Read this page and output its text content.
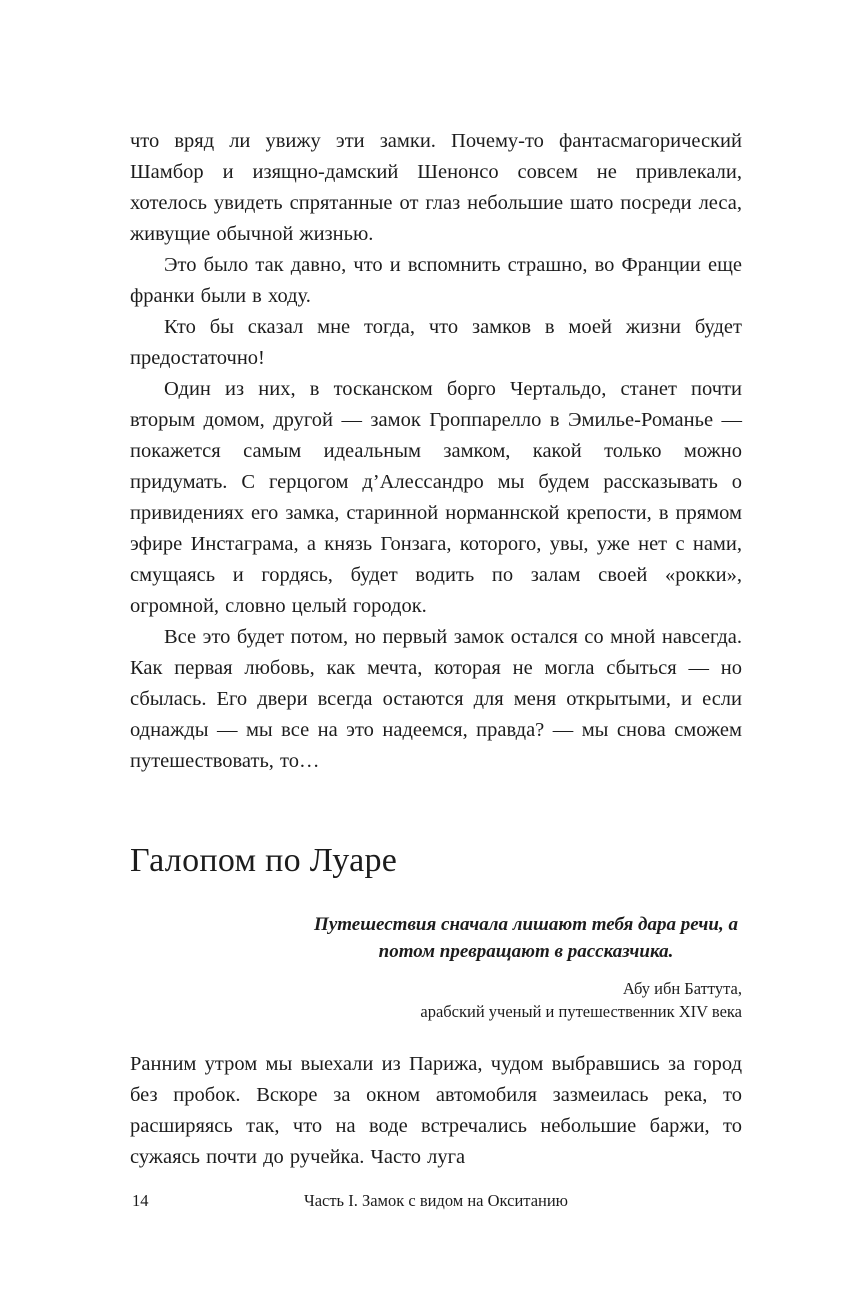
что вряд ли увижу эти замки. Почему-то фантасмагорический Шамбор и изящно-дамский Шенонсо совсем не привлекали, хотелось увидеть спрятанные от глаз небольшие шато посреди леса, живущие обычной жизнью.

Это было так давно, что и вспомнить страшно, во Франции еще франки были в ходу.

Кто бы сказал мне тогда, что замков в моей жизни будет предостаточно!

Один из них, в тосканском борго Чертальдо, станет почти вторым домом, другой — замок Гроппарелло в Эмилье-Романье — покажется самым идеальным замком, какой только можно придумать. С герцогом д’Алессандро мы будем рассказывать о привидениях его замка, старинной норманнской крепости, в прямом эфире Инстаграма, а князь Гонзага, которого, увы, уже нет с нами, смущаясь и гордясь, будет водить по залам своей «рокки», огромной, словно целый городок.

Все это будет потом, но первый замок остался со мной навсегда. Как первая любовь, как мечта, которая не могла сбыться — но сбылась. Его двери всегда остаются для меня открытыми, и если однажды — мы все на это надеемся, правда? — мы снова сможем путешествовать, то…

Галопом по Луаре
Путешествия сначала лишают тебя дара речи, а потом превращают в рассказчика.
Абу ибн Баттута,
арабский ученый и путешественник XIV века

Ранним утром мы выехали из Парижа, чудом выбравшись за город без пробок. Вскоре за окном автомобиля зазмеилась река, то расширяясь так, что на воде встречались небольшие баржи, то сужаясь почти до ручейка. Часто луга

14	Часть I. Замок с видом на Окситанию
